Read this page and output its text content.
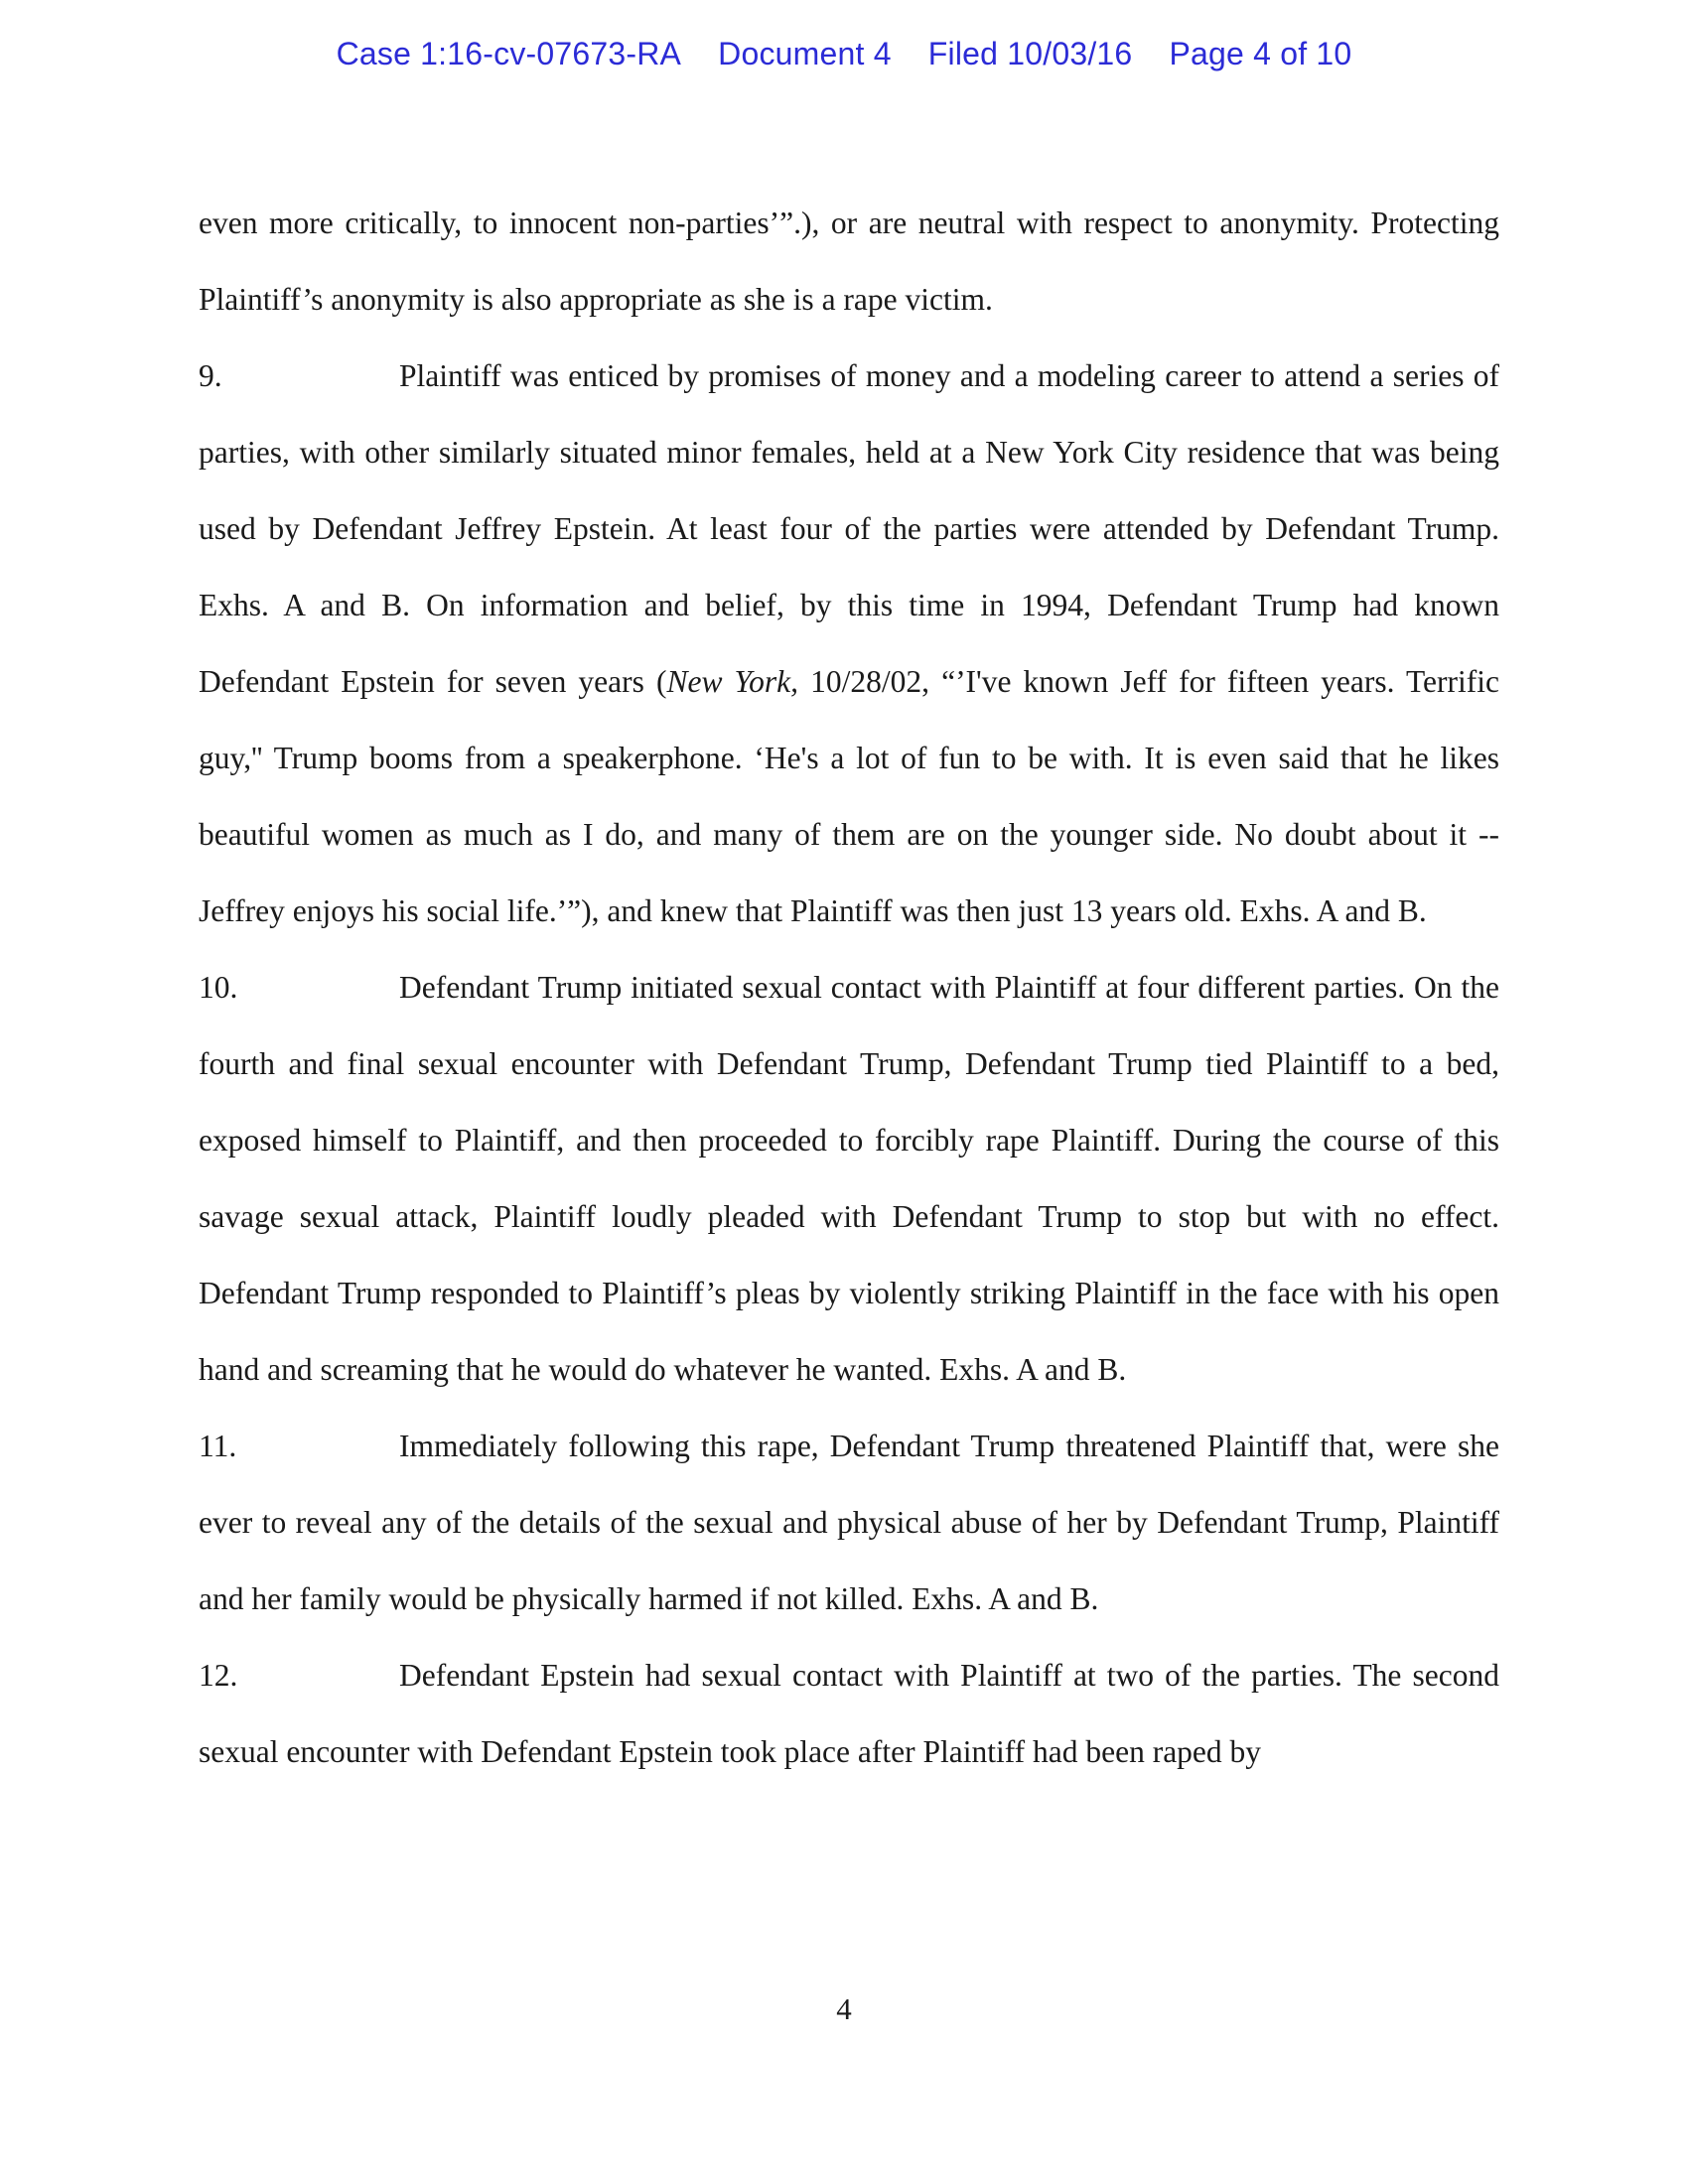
Case 1:16-cv-07673-RA Document 4 Filed 10/03/16 Page 4 of 10

even more critically, to innocent non-parties’”.), or are neutral with respect to anonymity. Protecting Plaintiff’s anonymity is also appropriate as she is a rape victim.

9.	Plaintiff was enticed by promises of money and a modeling career to attend a series of parties, with other similarly situated minor females, held at a New York City residence that was being used by Defendant Jeffrey Epstein. At least four of the parties were attended by Defendant Trump. Exhs. A and B. On information and belief, by this time in 1994, Defendant Trump had known Defendant Epstein for seven years (New York, 10/28/02, “’I've known Jeff for fifteen years. Terrific guy,'' Trump booms from a speakerphone. ‘He's a lot of fun to be with. It is even said that he likes beautiful women as much as I do, and many of them are on the younger side. No doubt about it -- Jeffrey enjoys his social life.’”), and knew that Plaintiff was then just 13 years old. Exhs. A and B.

10.	Defendant Trump initiated sexual contact with Plaintiff at four different parties. On the fourth and final sexual encounter with Defendant Trump, Defendant Trump tied Plaintiff to a bed, exposed himself to Plaintiff, and then proceeded to forcibly rape Plaintiff. During the course of this savage sexual attack, Plaintiff loudly pleaded with Defendant Trump to stop but with no effect. Defendant Trump responded to Plaintiff’s pleas by violently striking Plaintiff in the face with his open hand and screaming that he would do whatever he wanted. Exhs. A and B.

11.	Immediately following this rape, Defendant Trump threatened Plaintiff that, were she ever to reveal any of the details of the sexual and physical abuse of her by Defendant Trump, Plaintiff and her family would be physically harmed if not killed. Exhs. A and B.

12.	Defendant Epstein had sexual contact with Plaintiff at two of the parties. The second sexual encounter with Defendant Epstein took place after Plaintiff had been raped by

4
